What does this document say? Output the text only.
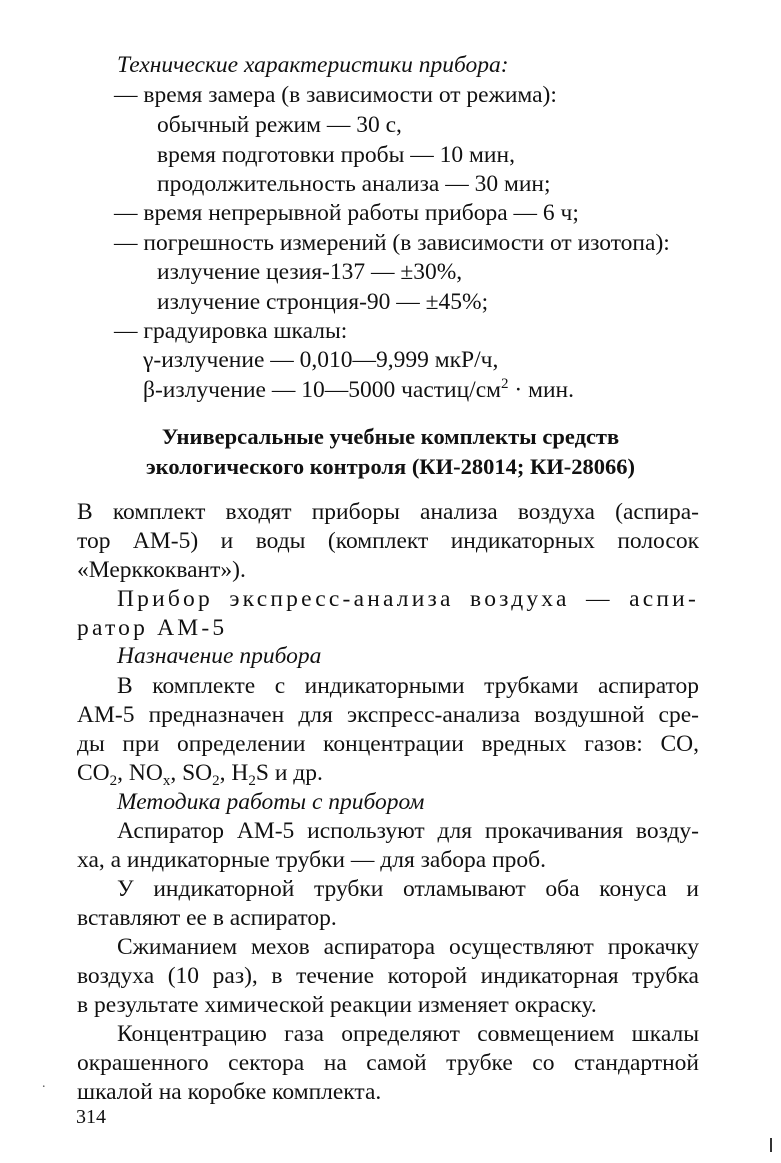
Технические характеристики прибора:
— время замера (в зависимости от режима):
обычный режим — 30 с,
время подготовки пробы — 10 мин,
продолжительность анализа — 30 мин;
— время непрерывной работы прибора — 6 ч;
— погрешность измерений (в зависимости от изотопа):
излучение цезия-137 — ±30%,
излучение стронция-90 — ±45%;
— градуировка шкалы:
γ-излучение — 0,010—9,999 мкР/ч,
β-излучение — 10—5000 частиц/$см^2$ · мин.
Универсальные учебные комплекты средств
экологического контроля (КИ-28014; КИ-28066)
В комплект входят приборы анализа воздуха (аспира-
тор АМ-5) и воды (комплект индикаторных полосок
«Мерккоквант»).
Прибор экспресс-анализа воздуха — аспи-
ратор АМ-5
Назначение прибора
В комплекте с индикаторными трубками аспиратор
АМ-5 предназначен для экспресс-анализа воздушной сре-
ды при определении концентрации вредных газов: СО,
$СО_2$, $NO_x$, $SO_2$, $H_2S$ и др.
Методика работы с прибором
Аспиратор АМ-5 используют для прокачивания возду-
ха, а индикаторные трубки — для забора проб.
У индикаторной трубки отламывают оба конуса и
вставляют ее в аспиратор.
Сжиманием мехов аспиратора осуществляют прокачку
воздуха (10 раз), в течение которой индикаторная трубка
в результате химической реакции изменяет окраску.
Концентрацию газа определяют совмещением шкалы
окрашенного сектора на самой трубке со стандартной
шкалой на коробке комплекта.
.
314
